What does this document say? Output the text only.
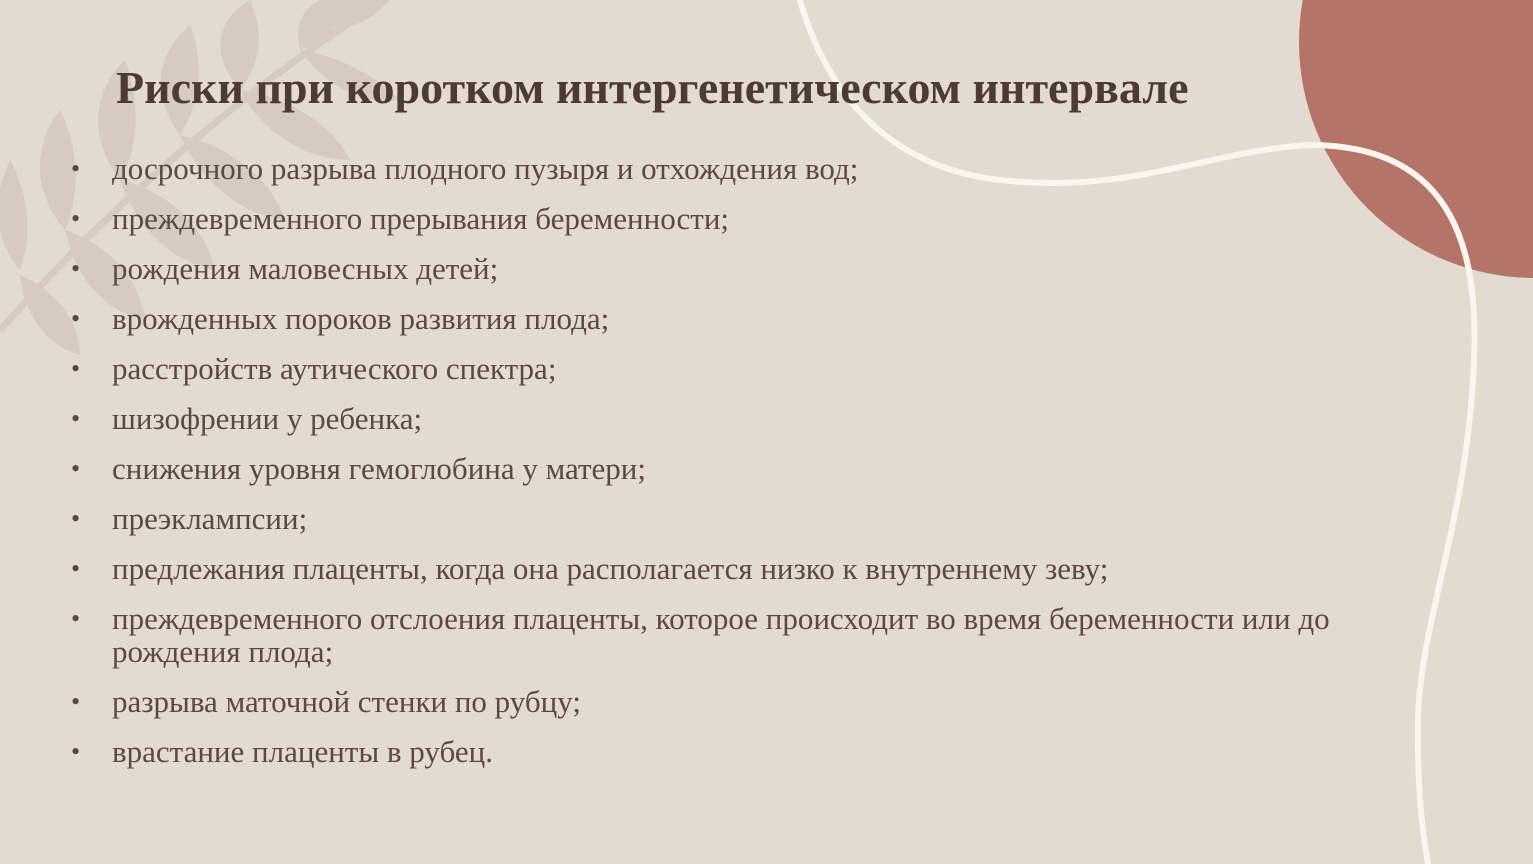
Риски при коротком интергенетическом интервале
• досрочного разрыва плодного пузыря и отхождения вод;
• преждевременного прерывания беременности;
• рождения маловесных детей;
• врожденных пороков развития плода;
• расстройств аутического спектра;
• шизофрении у ребенка;
• снижения уровня гемоглобина у матери;
• преэклампсии;
• предлежания плаценты, когда она располагается низко к внутреннему зеву;
• преждевременного отслоения плаценты, которое происходит во время беременности или до рождения плода;
• разрыва маточной стенки по рубцу;
• врастание плаценты в рубец.
